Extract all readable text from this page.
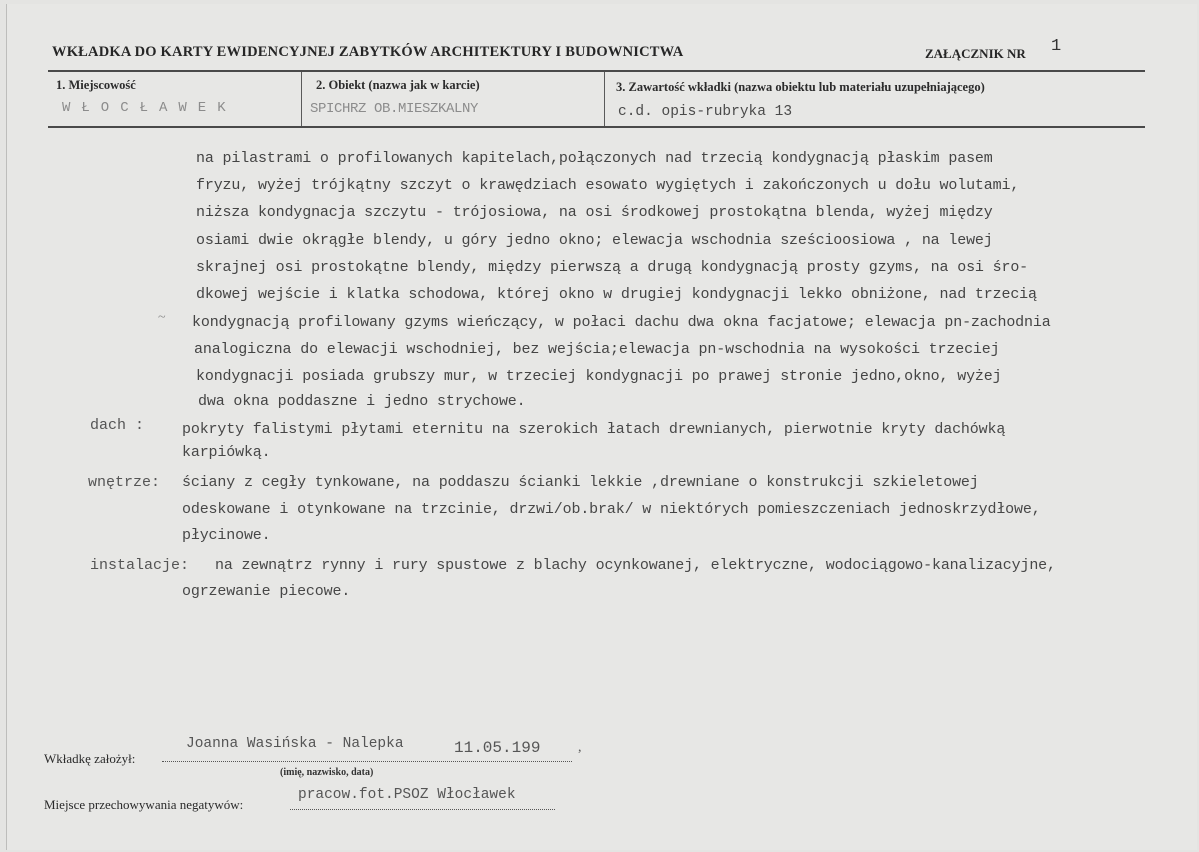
WKŁADKA DO KARTY EWIDENCYJNEJ ZABYTKÓW ARCHITEKTURY I BUDOWNICTWA	ZAŁĄCZNIK NR 1
1. Miejscowość
WŁOCŁAWEK
2. Obiekt (nazwa jak w karcie)
SPICHRZ OB.MIESZKALNY
3. Zawartość wkładki (nazwa obiektu lub materiału uzupełniającego)
c.d. opis-rubryka 13
na pilastrami o profilowanych kapitelach,połączonych nad trzecią kondygnacją płaskim pasem
fryzu, wyżej trójkątny szczyt o krawędziach esowato wygiętych i zakończonych u dołu wolutami,
niższa kondygnacja szczytu - trójosiowa, na osi środkowej prostokątna blenda, wyżej między
osiami dwie okrągłe blendy, u góry jedno okno; elewacja wschodnia sześcioosiowa , na lewej
skrajnej osi prostokątne blendy, między pierwszą a drugą kondygnacją prosty gzyms, na osi śro-
dkowej wejście i klatka schodowa, której okno w drugiej kondygnacji lekko obniżone, nad trzecią
kondygnacją profilowany gzyms wieńczący, w połaci dachu dwa okna facjatowe; elewacja pn-zachodnia
analogiczna do elewacji wschodniej, bez wejścia;elewacja pn-wschodnia na wysokości trzeciej
kondygnacji posiada grubszy mur, w trzeciej kondygnacji po prawej stronie jedno,okno, wyżej
dwa okna poddaszne i jedno strychowe.
~
dach :	pokryty falistymi płytami eternitu na szerokich łatach drewnianych, pierwotnie kryty dachówką
karpiówką.
wnętrze: ściany z cegły tynkowane, na poddaszu ścianki lekkie ,drewniane o konstrukcji szkieletowej
odeskowane i otynkowane na trzcinie, drzwi/ob.brak/ w niektórych pomieszczeniach jednoskrzydłowe,
płycinowe.
instalacje: na zewnątrz rynny i rury spustowe z blachy ocynkowanej, elektryczne, wodociągowo-kanalizacyjne,
ogrzewanie piecowe.
Wkładkę założył:
Joanna Wasińska - Nalepka	11.05.199	,
(imię, nazwisko, data)
Miejsce przechowywania negatywów:
pracow.fot.PSOZ Włocławek
